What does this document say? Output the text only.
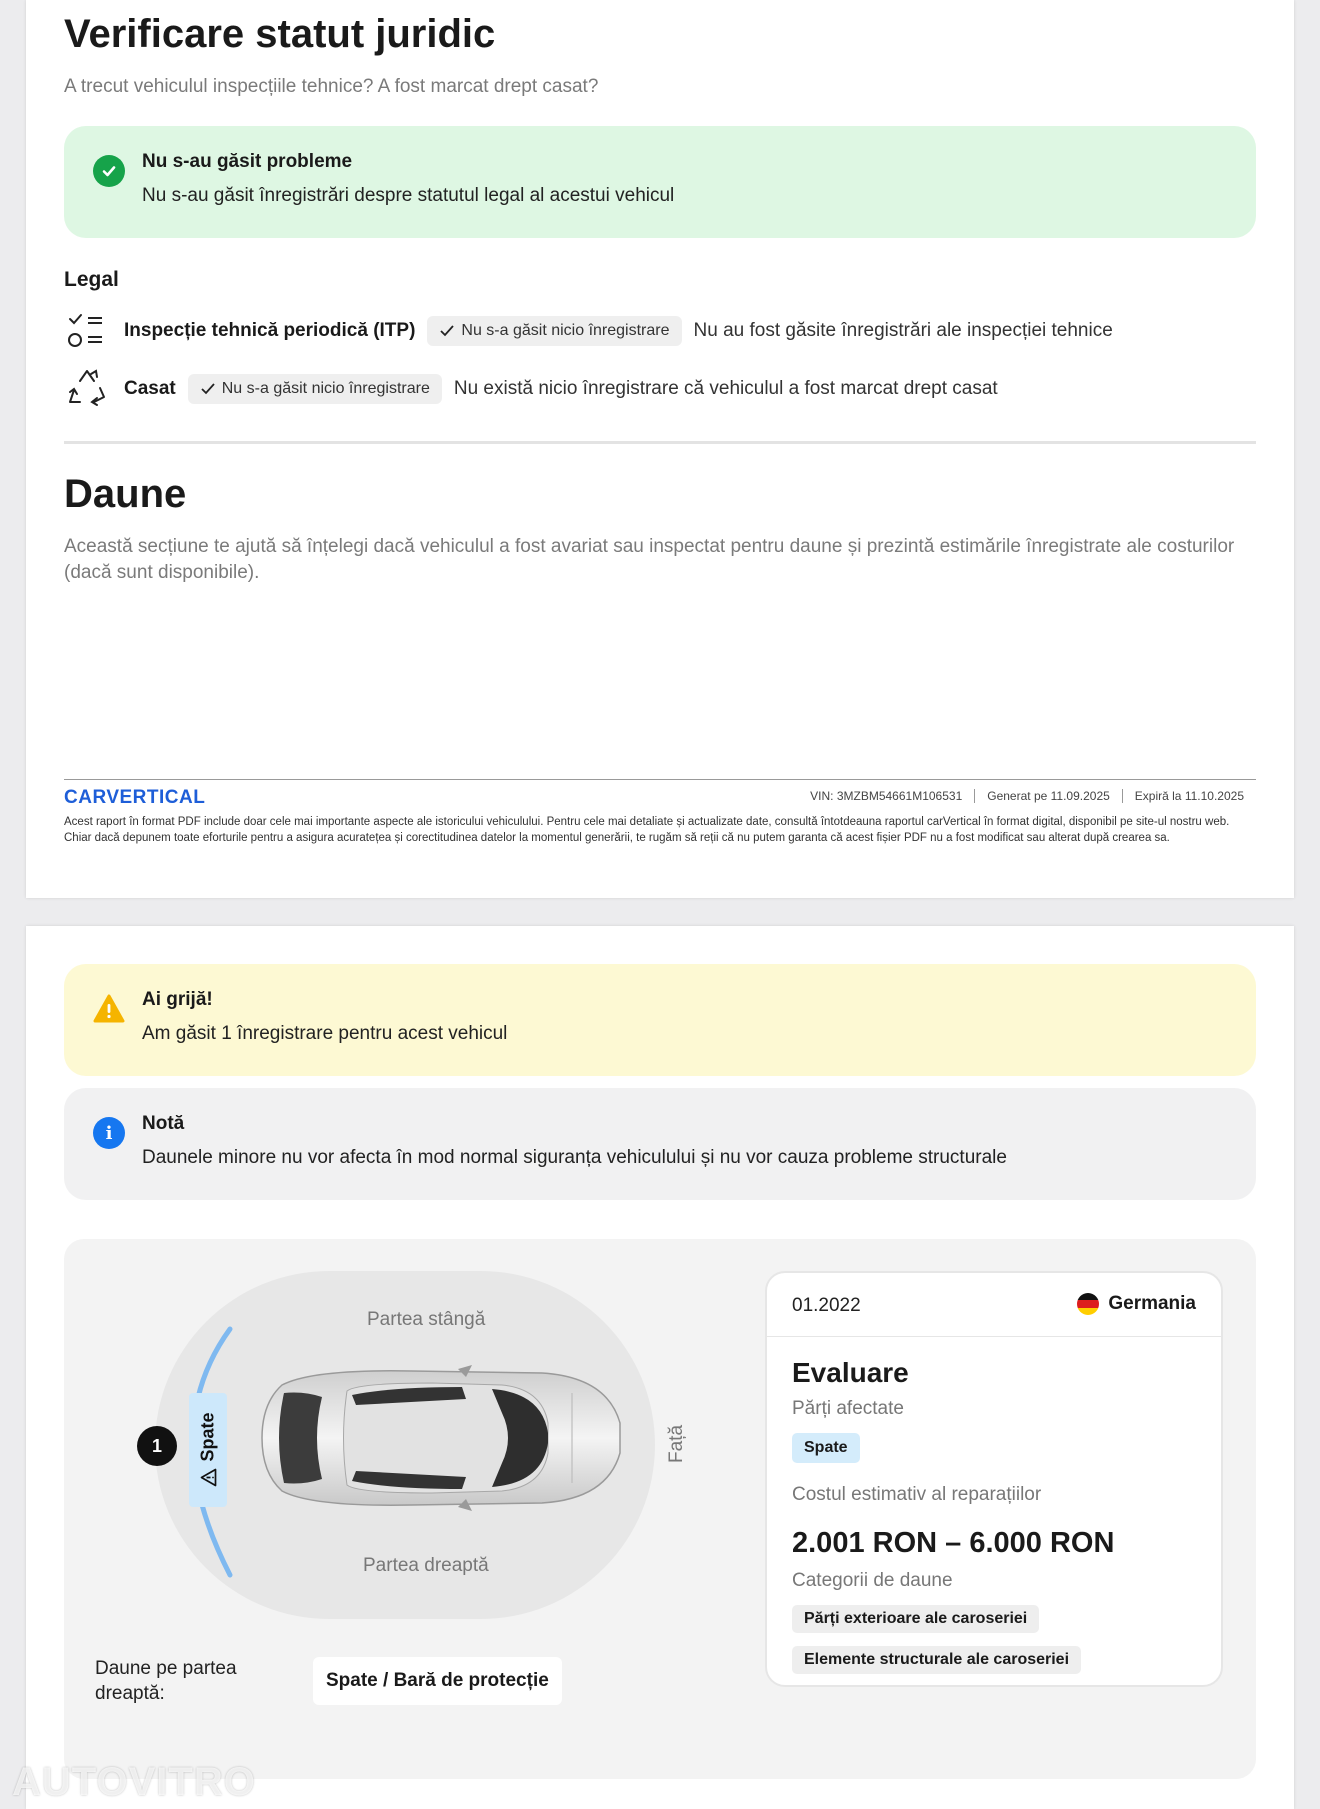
Verificare statut juridic
A trecut vehiculul inspecțiile tehnice? A fost marcat drept casat?
Nu s-au găsit probleme
Nu s-au găsit înregistrări despre statutul legal al acestui vehicul
Legal
Inspecție tehnică periodică (ITP)	Nu s-a găsit nicio înregistrare Nu au fost găsite înregistrări ale inspecției tehnice
Casat	Nu s-a găsit nicio înregistrare Nu există nicio înregistrare că vehiculul a fost marcat drept casat
Daune
Această secțiune te ajută să înțelegi dacă vehiculul a fost avariat sau inspectat pentru daune și prezintă estimările înregistrate ale costurilor (dacă sunt disponibile).
CARVERTICAL	VIN: 3MZBM54661M106531	Generat pe 11.09.2025	Expiră la 11.10.2025
Acest raport în format PDF include doar cele mai importante aspecte ale istoricului vehiculului. Pentru cele mai detaliate și actualizate date, consultă întotdeauna raportul carVertical în format digital, disponibil pe site-ul nostru web. Chiar dacă depunem toate eforturile pentru a asigura acuratețea și corectitudinea datelor la momentul generării, te rugăm să reții că nu putem garanta că acest fișier PDF nu a fost modificat sau alterat după crearea sa.
Ai grijă!
Am găsit 1 înregistrare pentru acest vehicul
i	Notă
Daunele minore nu vor afecta în mod normal siguranța vehiculului și nu vor cauza probleme structurale
Partea stângă
Partea dreaptă
Față
Spate
1
01.2022	Germania
Evaluare
Părți afectate
Spate
Costul estimativ al reparațiilor
2.001 RON – 6.000 RON
Categorii de daune
Părți exterioare ale caroseriei
Elemente structurale ale caroseriei
Daune pe partea dreaptă:
Spate / Bară de protecție
AUTOVITRO
